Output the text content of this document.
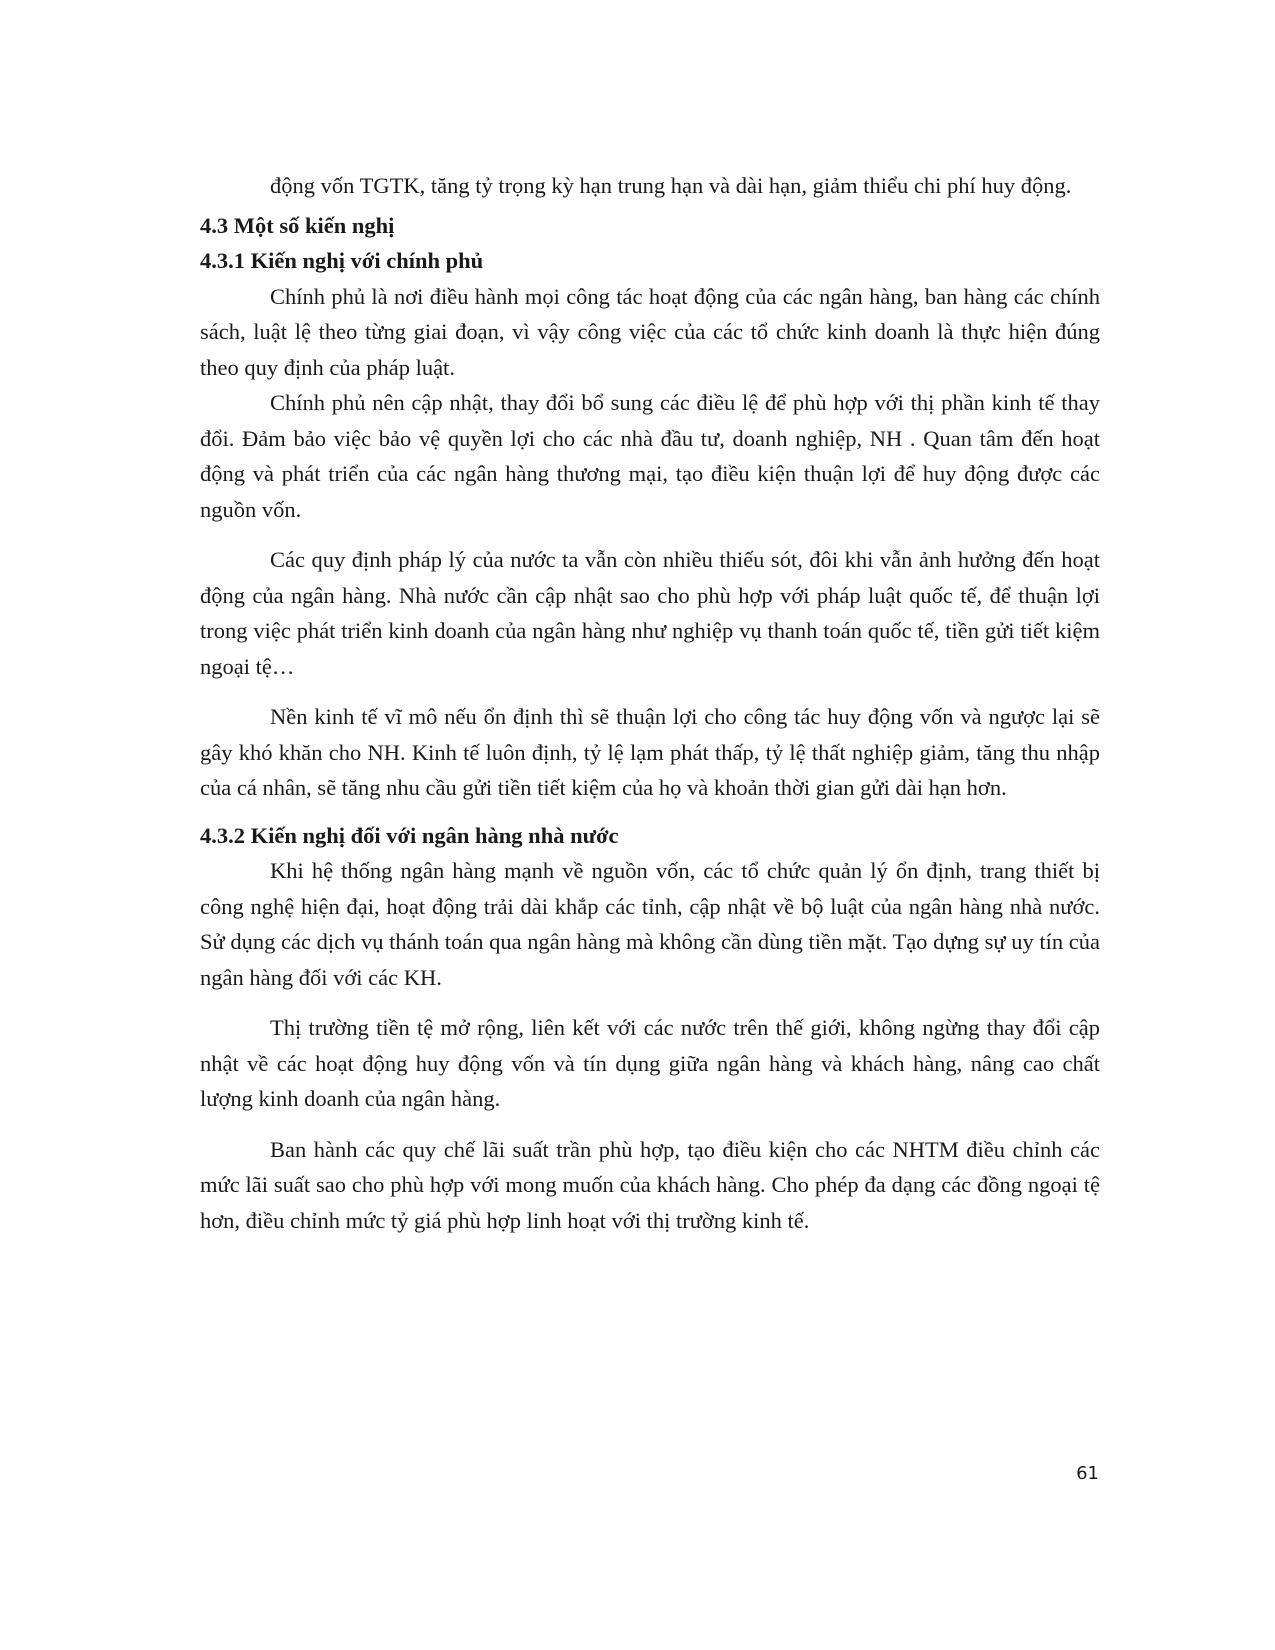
động vốn TGTK, tăng tỷ trọng kỳ hạn trung hạn và dài hạn, giảm thiểu chi phí huy động.

4.3 Một số kiến nghị
4.3.1 Kiến nghị với chính phủ

Chính phủ là nơi điều hành mọi công tác hoạt động của các ngân hàng, ban hàng các chính sách, luật lệ theo từng giai đoạn, vì vậy công việc của các tổ chức kinh doanh là thực hiện đúng theo quy định của pháp luật.

Chính phủ nên cập nhật, thay đổi bổ sung các điều lệ để phù hợp với thị phần kinh tế thay đổi. Đảm bảo việc bảo vệ quyền lợi cho các nhà đầu tư, doanh nghiệp, NH . Quan tâm đến hoạt động và phát triển của các ngân hàng thương mại, tạo điều kiện thuận lợi để huy động được các nguồn vốn.

Các quy định pháp lý của nước ta vẫn còn nhiều thiếu sót, đôi khi vẫn ảnh hưởng đến hoạt động của ngân hàng. Nhà nước cần cập nhật sao cho phù hợp với pháp luật quốc tế, để thuận lợi trong việc phát triển kinh doanh của ngân hàng như nghiệp vụ thanh toán quốc tế, tiền gửi tiết kiệm ngoại tệ…

Nền kinh tế vĩ mô nếu ổn định thì sẽ thuận lợi cho công tác huy động vốn và ngược lại sẽ gây khó khăn cho NH. Kinh tế luôn định, tỷ lệ lạm phát thấp, tỷ lệ thất nghiệp giảm, tăng thu nhập của cá nhân, sẽ tăng nhu cầu gửi tiền tiết kiệm của họ và khoản thời gian gửi dài hạn hơn.

4.3.2 Kiến nghị đối với ngân hàng nhà nước

Khi hệ thống ngân hàng mạnh về nguồn vốn, các tổ chức quản lý ổn định, trang thiết bị công nghệ hiện đại, hoạt động trải dài khắp các tỉnh, cập nhật về bộ luật của ngân hàng nhà nước. Sử dụng các dịch vụ thánh toán qua ngân hàng mà không cần dùng tiền mặt. Tạo dựng sự uy tín của ngân hàng đối với các KH.

Thị trường tiền tệ mở rộng, liên kết với các nước trên thế giới, không ngừng thay đổi cập nhật về các hoạt động huy động vốn và tín dụng giữa ngân hàng và khách hàng, nâng cao chất lượng kinh doanh của ngân hàng.

Ban hành các quy chế lãi suất trần phù hợp, tạo điều kiện cho các NHTM điều chỉnh các mức lãi suất sao cho phù hợp với mong muốn của khách hàng. Cho phép đa dạng các đồng ngoại tệ hơn, điều chỉnh mức tỷ giá phù hợp linh hoạt với thị trường kinh tế.

61
